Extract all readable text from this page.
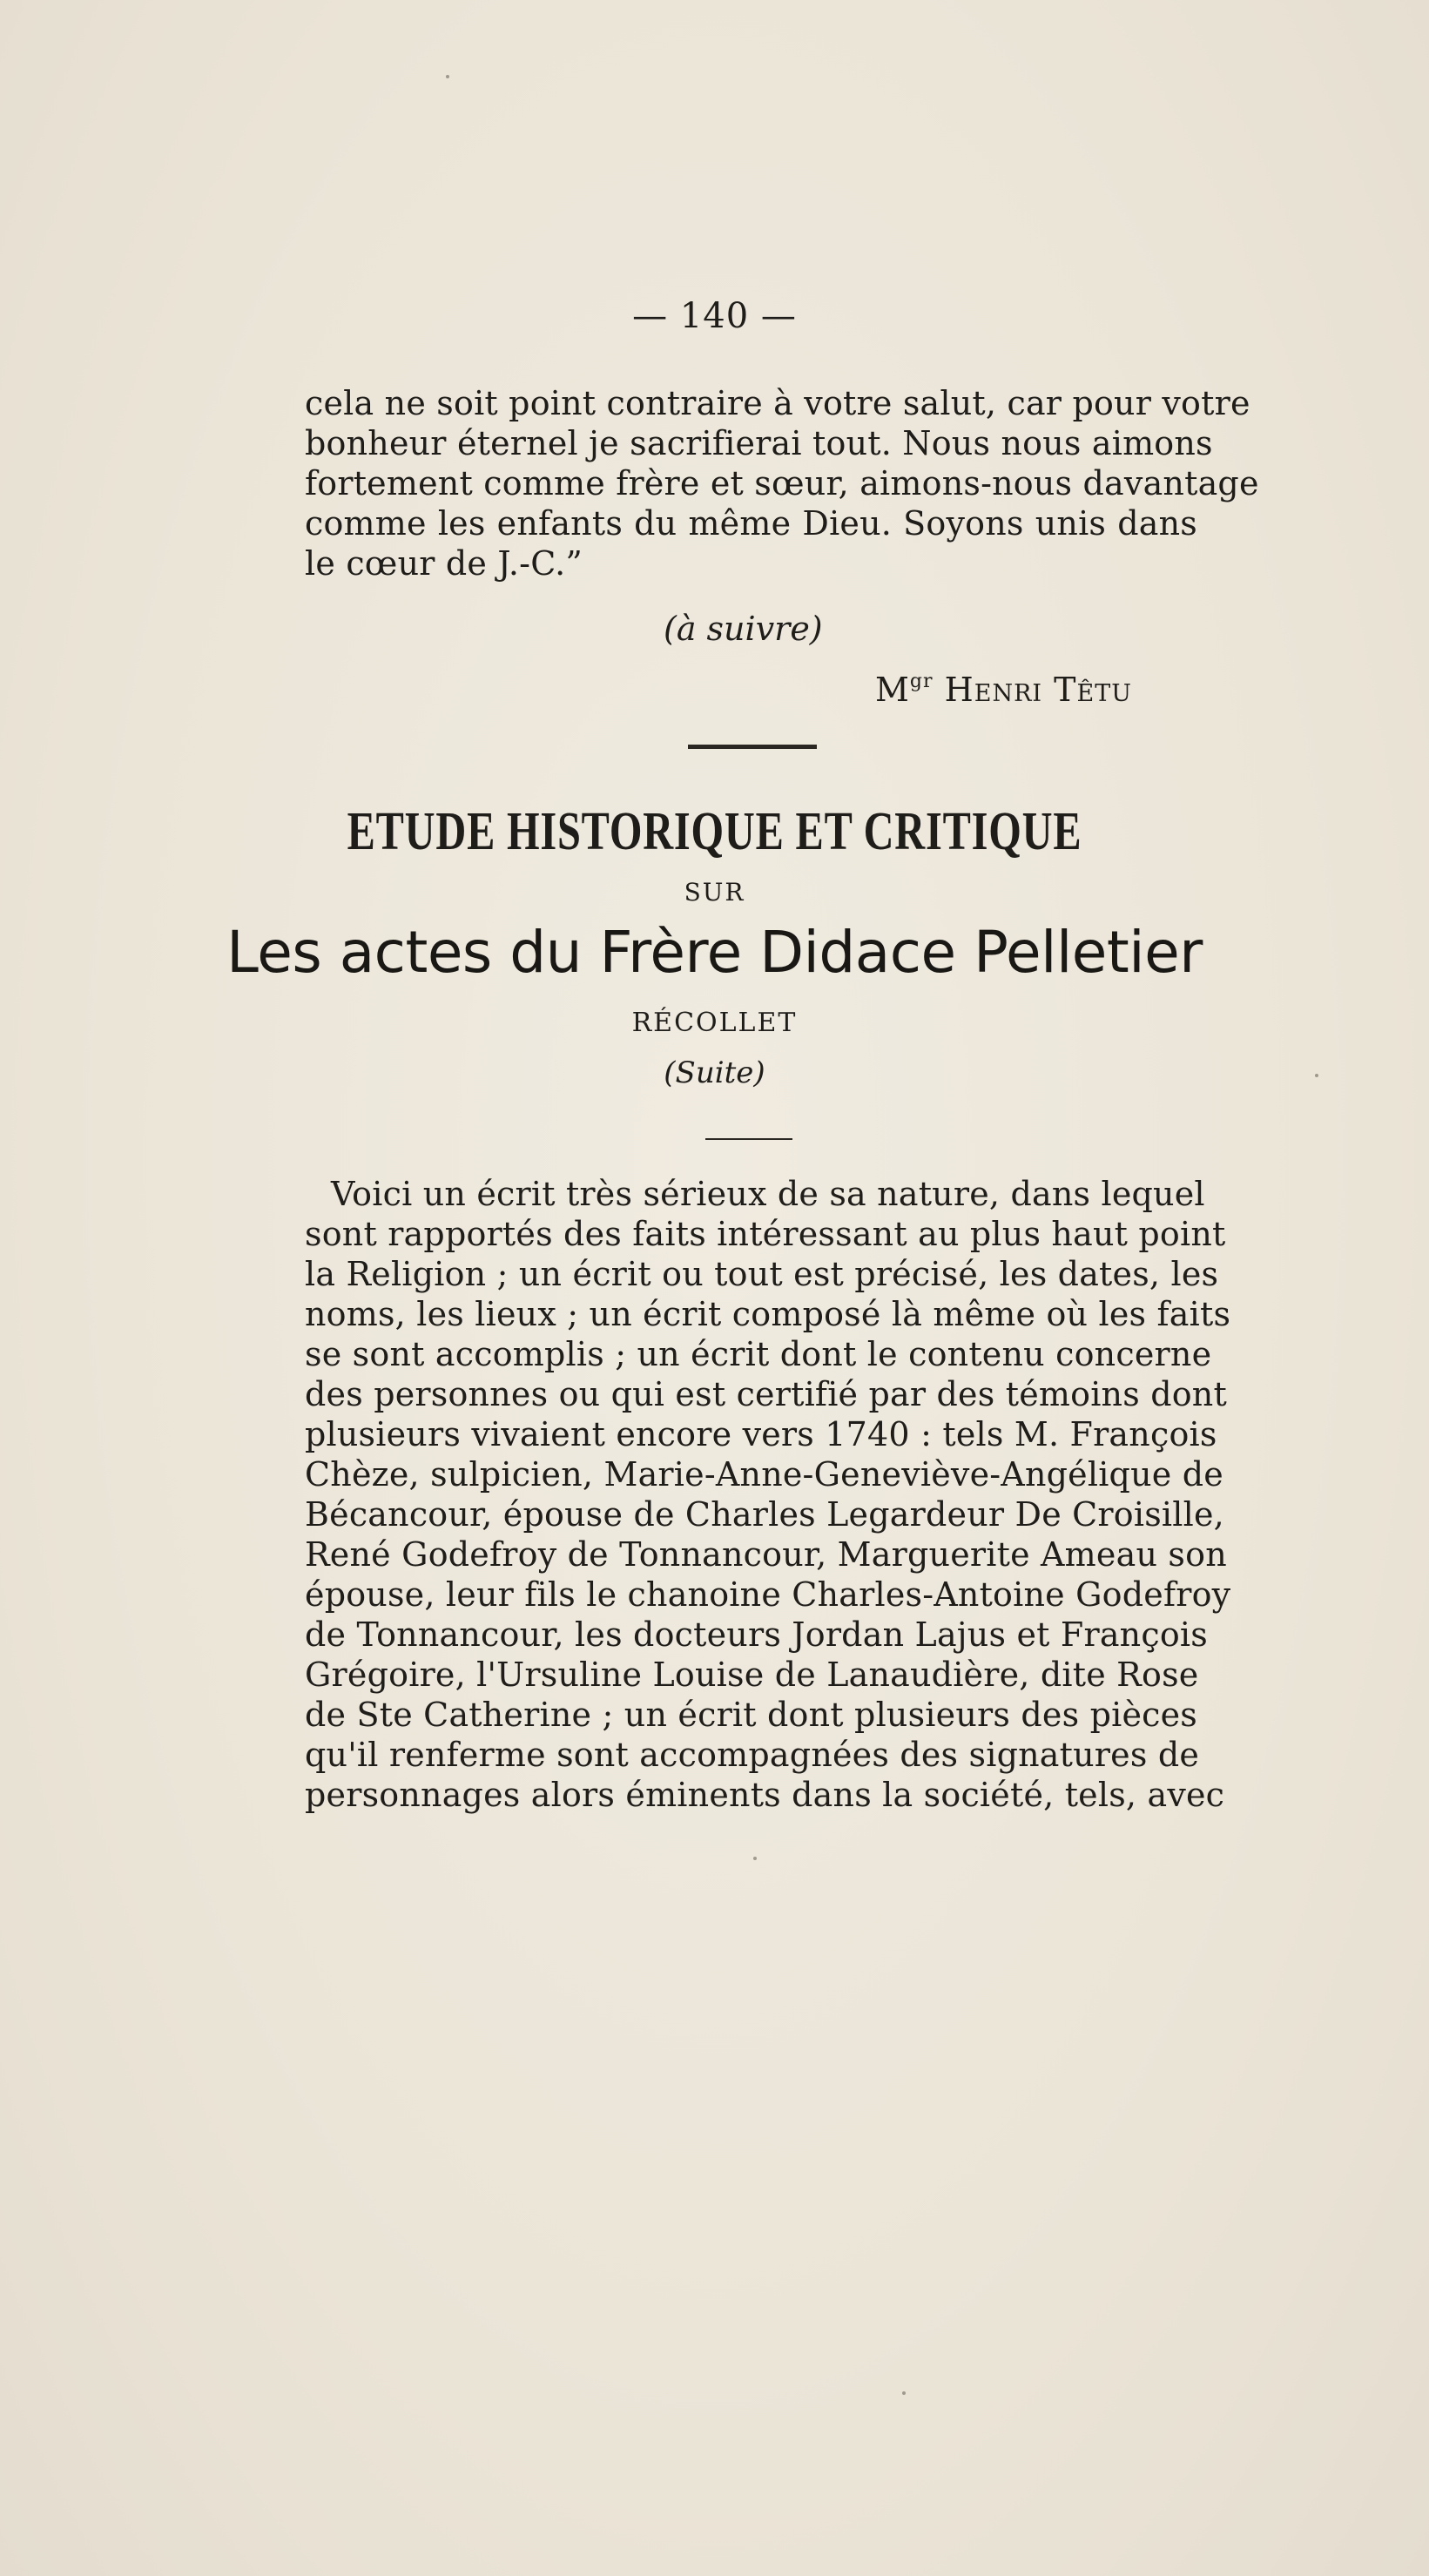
— 140 —
cela ne soit point contraire à votre salut, car pour votre
bonheur éternel je sacrifierai tout. Nous nous aimons
fortement comme frère et sœur, aimons-nous davantage
comme les enfants du même Dieu. Soyons unis dans
le cœur de J.-C.”
(à suivre)
$M^{gr}$ Henri Têtu
ETUDE HISTORIQUE ET CRITIQUE
SUR
Les actes du Frère Didace Pelletier
RÉCOLLET
(Suite)
Voici un écrit très sérieux de sa nature, dans lequel
sont rapportés des faits intéressant au plus haut point
la Religion ; un écrit ou tout est précisé, les dates, les
noms, les lieux ; un écrit composé là même où les faits
se sont accomplis ; un écrit dont le contenu concerne
des personnes ou qui est certifié par des témoins dont
plusieurs vivaient encore vers 1740 : tels M. François
Chèze, sulpicien, Marie-Anne-Geneviève-Angélique de
Bécancour, épouse de Charles Legardeur De Croisille,
René Godefroy de Tonnancour, Marguerite Ameau son
épouse, leur fils le chanoine Charles-Antoine Godefroy
de Tonnancour, les docteurs Jordan Lajus et François
Grégoire, l'Ursuline Louise de Lanaudière, dite Rose
de Ste Catherine ; un écrit dont plusieurs des pièces
qu'il renferme sont accompagnées des signatures de
personnages alors éminents dans la société, tels, avec
